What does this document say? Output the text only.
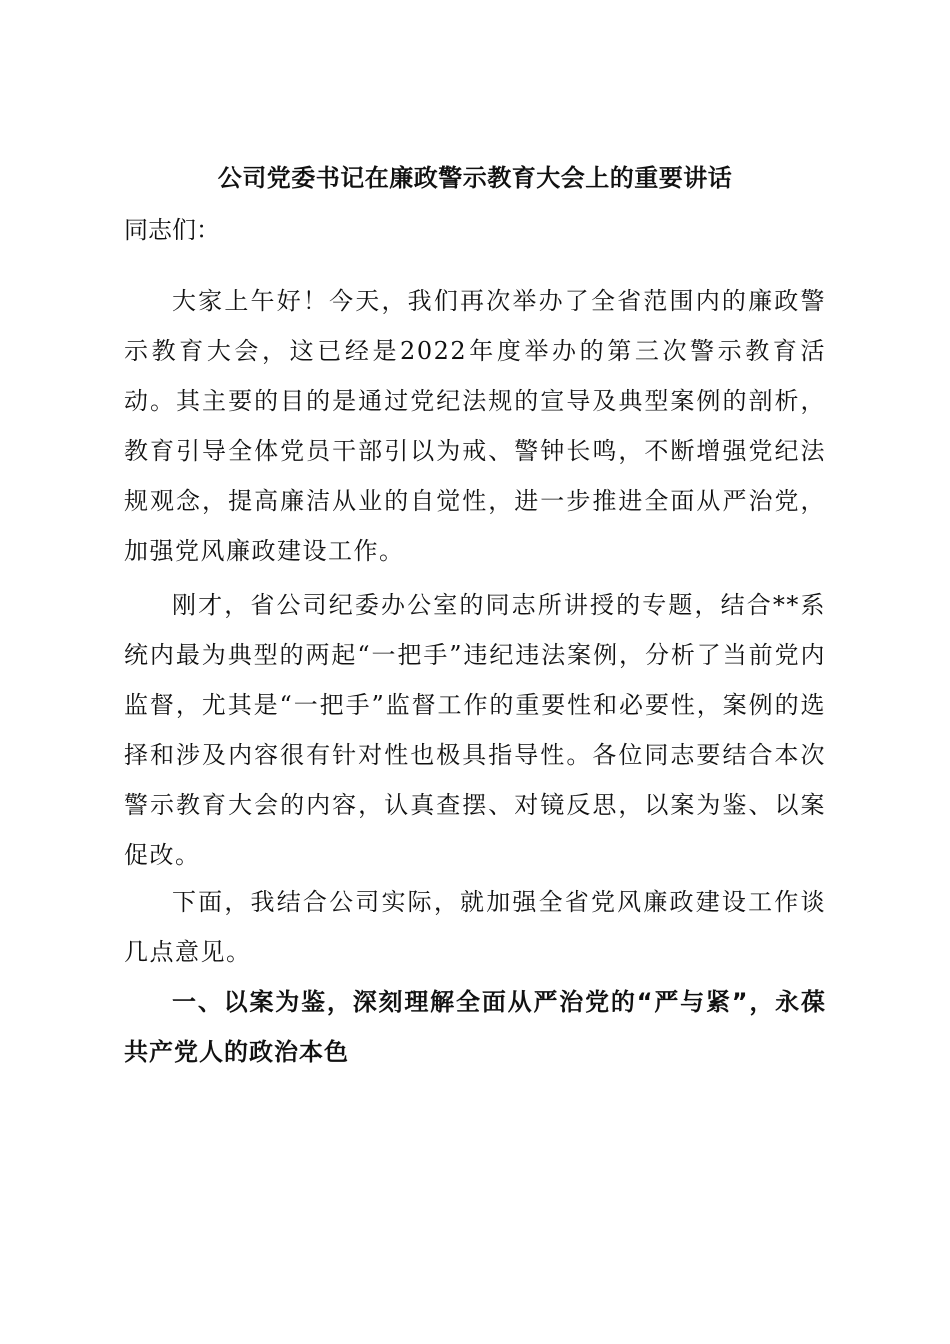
公司党委书记在廉政警示教育大会上的重要讲话

同志们：

大家上午好！今天，我们再次举办了全省范围内的廉政警示教育大会，这已经是2022年度举办的第三次警示教育活动。其主要的目的是通过党纪法规的宣导及典型案例的剖析，教育引导全体党员干部引以为戒、警钟长鸣，不断增强党纪法规观念，提高廉洁从业的自觉性，进一步推进全面从严治党，加强党风廉政建设工作。

刚才，省公司纪委办公室的同志所讲授的专题，结合**系统内最为典型的两起“一把手”违纪违法案例，分析了当前党内监督，尤其是“一把手”监督工作的重要性和必要性，案例的选择和涉及内容很有针对性也极具指导性。各位同志要结合本次警示教育大会的内容，认真查摆、对镜反思，以案为鉴、以案促改。

下面，我结合公司实际，就加强全省党风廉政建设工作谈几点意见。

一、以案为鉴，深刻理解全面从严治党的“严与紧”，永葆共产党人的政治本色
